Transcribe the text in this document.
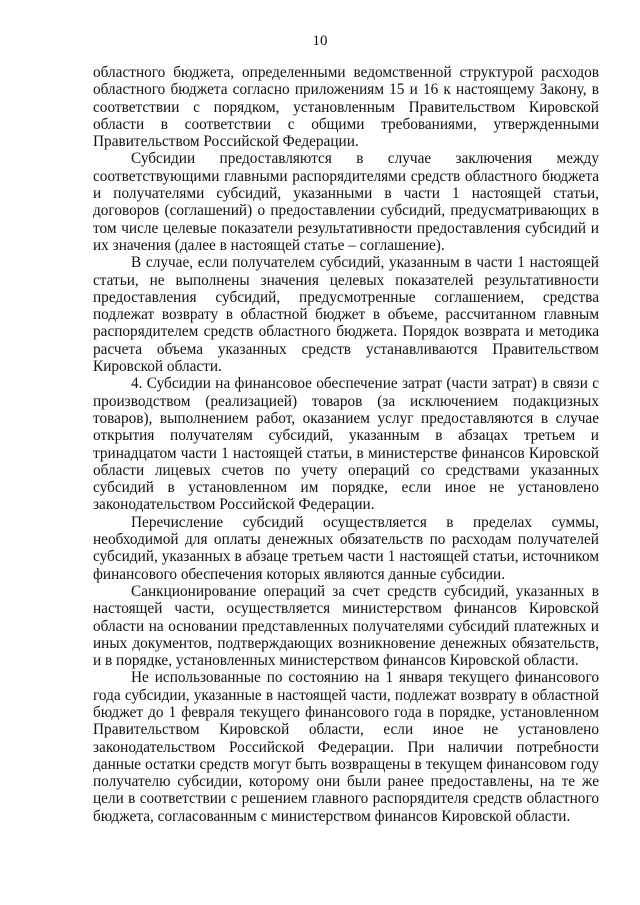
10

областного бюджета, определенными ведомственной структурой расходов областного бюджета согласно приложениям 15 и 16 к настоящему Закону, в соответствии с порядком, установленным Правительством Кировской области в соответствии с общими требованиями, утвержденными Правительством Российской Федерации.

Субсидии предоставляются в случае заключения между соответствующими главными распорядителями средств областного бюджета и получателями субсидий, указанными в части 1 настоящей статьи, договоров (соглашений) о предоставлении субсидий, предусматривающих в том числе целевые показатели результативности предоставления субсидий и их значения (далее в настоящей статье – соглашение).

В случае, если получателем субсидий, указанным в части 1 настоящей статьи, не выполнены значения целевых показателей результативности предоставления субсидий, предусмотренные соглашением, средства подлежат возврату в областной бюджет в объеме, рассчитанном главным распорядителем средств областного бюджета. Порядок возврата и методика расчета объема указанных средств устанавливаются Правительством Кировской области.

4. Субсидии на финансовое обеспечение затрат (части затрат) в связи с производством (реализацией) товаров (за исключением подакцизных товаров), выполнением работ, оказанием услуг предоставляются в случае открытия получателям субсидий, указанным в абзацах третьем и тринадцатом части 1 настоящей статьи, в министерстве финансов Кировской области лицевых счетов по учету операций со средствами указанных субсидий в установленном им порядке, если иное не установлено законодательством Российской Федерации.

Перечисление субсидий осуществляется в пределах суммы, необходимой для оплаты денежных обязательств по расходам получателей субсидий, указанных в абзаце третьем части 1 настоящей статьи, источником финансового обеспечения которых являются данные субсидии.

Санкционирование операций за счет средств субсидий, указанных в настоящей части, осуществляется министерством финансов Кировской области на основании представленных получателями субсидий платежных и иных документов, подтверждающих возникновение денежных обязательств, и в порядке, установленных министерством финансов Кировской области.

Не использованные по состоянию на 1 января текущего финансового года субсидии, указанные в настоящей части, подлежат возврату в областной бюджет до 1 февраля текущего финансового года в порядке, установленном Правительством Кировской области, если иное не установлено законодательством Российской Федерации. При наличии потребности данные остатки средств могут быть возвращены в текущем финансовом году получателю субсидии, которому они были ранее предоставлены, на те же цели в соответствии с решением главного распорядителя средств областного бюджета, согласованным с министерством финансов Кировской области.
